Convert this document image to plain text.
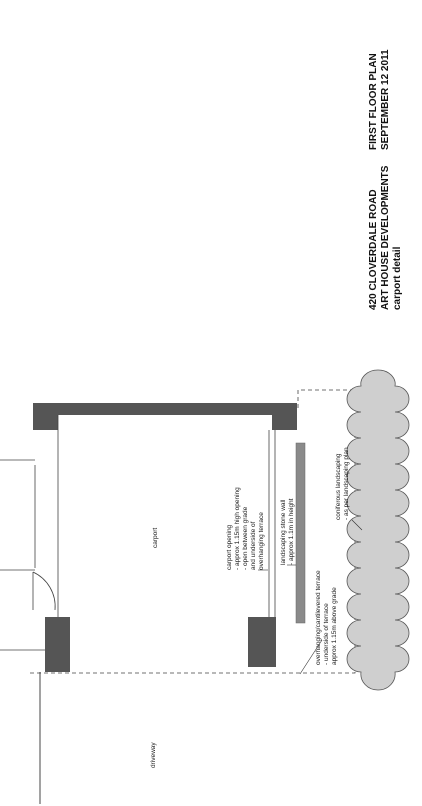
carport
driveway
carport opening - approx 1.15m high opening - open between grade and underside of overhanging terrace landscaping stone wall - approx 1.1m in height
overhanging/cantilevered terrace - underside of terrace approx 1.15m above grade
coniferous landscaping - as per landscaping plan
420 CLOVERDALE ROAD ART HOUSE DEVELOPMENTS carport detail
FIRST FLOOR PLAN SEPTEMBER 12 2011
